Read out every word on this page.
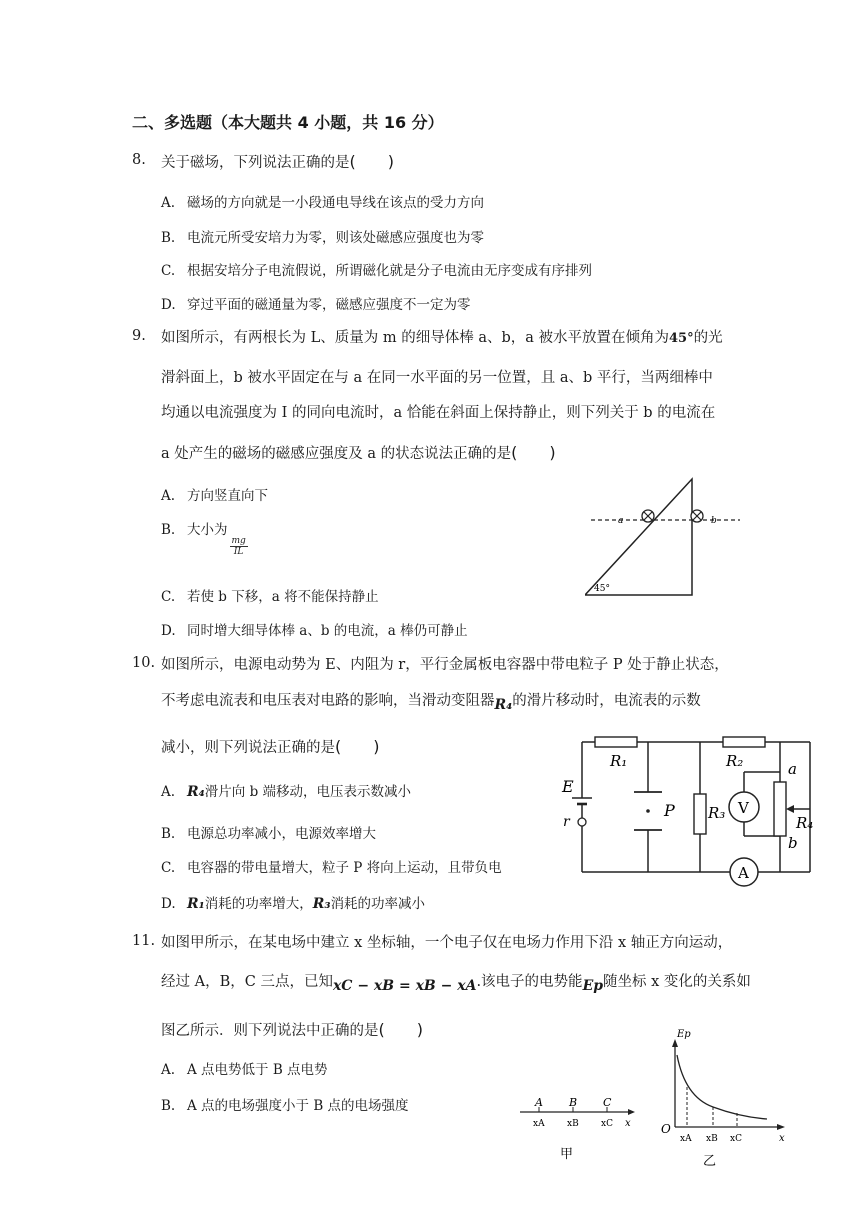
二、多选题（本大题共 4 小题，共 16 分）
8. 关于磁场，下列说法正确的是(　　)
A. 磁场的方向就是一小段通电导线在该点的受力方向
B. 电流元所受安培力为零，则该处磁感应强度也为零
C. 根据安培分子电流假说，所谓磁化就是分子电流由无序变成有序排列
D. 穿过平面的磁通量为零，磁感应强度不一定为零
9. 如图所示，有两根长为 L、质量为 m 的细导体棒 a、b，a 被水平放置在倾角为45°的光
滑斜面上，b 被水平固定在与 a 在同一水平面的另一位置，且 a、b 平行，当两细棒中
均通以电流强度为 I 的同向电流时，a 恰能在斜面上保持静止，则下列关于 b 的电流在
a 处产生的磁场的磁感应强度及 a 的状态说法正确的是(　　)
A. 方向竖直向下
B. 大小为
$\frac{mg}{IL}$
C. 若使 b 下移，a 将不能保持静止
D. 同时增大细导体棒 a、b 的电流，a 棒仍可静止
a	b
45°
10. 如图所示，电源电动势为 E、内阻为 r，平行金属板电容器中带电粒子 P 处于静止状态，
不考虑电流表和电压表对电路的影响，当滑动变阻器R₄的滑片移动时，电流表的示数
减小，则下列说法正确的是(　　)
A. R₄滑片向 b 端移动，电压表示数减小
B. 电源总功率减小，电源效率增大
C. 电容器的带电量增大，粒子 P 将向上运动，且带负电
D. R₁消耗的功率增大，R₃消耗的功率减小
E
r
P
R₁	R₂
R₃
R₄
V
A
a
b
11. 如图甲所示，在某电场中建立 x 坐标轴，一个电子仅在电场力作用下沿 x 轴正方向运动，
经过 A，B，C 三点，已知xC − xB = xB − xA.该电子的电势能Ep随坐标 x 变化的关系如
图乙所示．则下列说法中正确的是(　　)
A. A 点电势低于 B 点电势
B. A 点的电场强度小于 B 点的电场强度	A B C
xA xB xC x
甲
Ep
O
xA xB xC	x
乙
